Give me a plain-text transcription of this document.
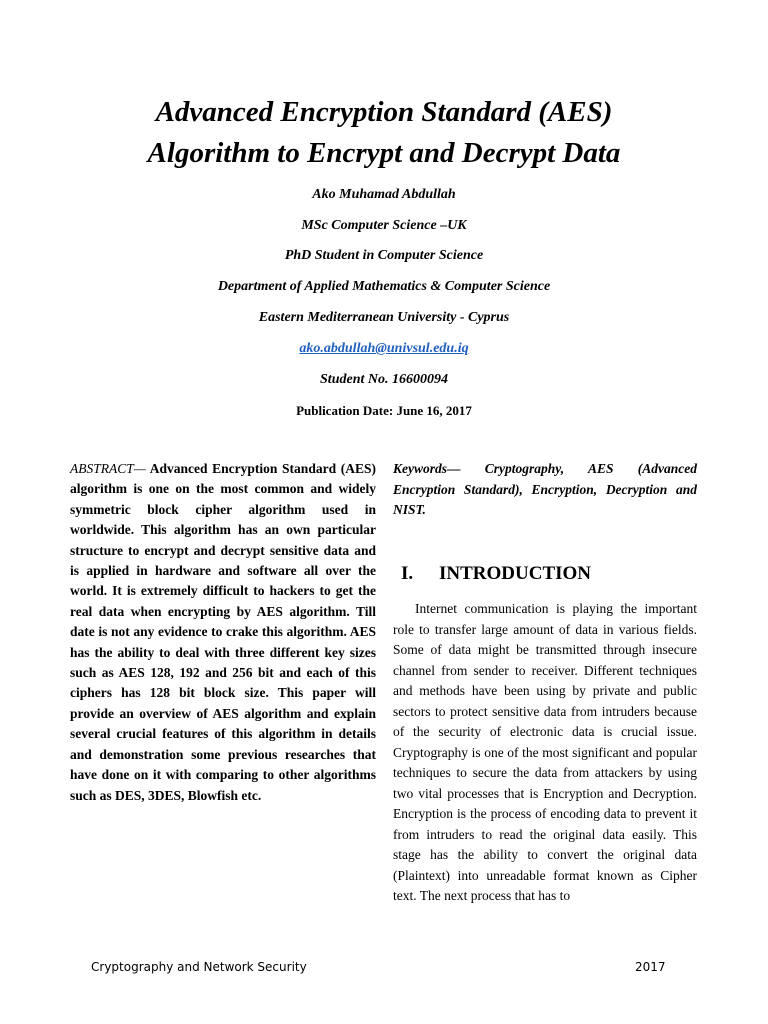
Advanced Encryption Standard (AES)
Algorithm to Encrypt and Decrypt Data

Ako Muhamad Abdullah

MSc Computer Science –UK

PhD Student in Computer Science

Department of Applied Mathematics & Computer Science

Eastern Mediterranean University - Cyprus

ako.abdullah@univsul.edu.iq

Student No. 16600094

Publication Date: June 16, 2017

ABSTRACT— Advanced Encryption Standard (AES) algorithm is one on the most common and widely symmetric block cipher algorithm used in worldwide. This algorithm has an own particular structure to encrypt and decrypt sensitive data and is applied in hardware and software all over the world. It is extremely difficult to hackers to get the real data when encrypting by AES algorithm. Till date is not any evidence to crake this algorithm. AES has the ability to deal with three different key sizes such as AES 128, 192 and 256 bit and each of this ciphers has 128 bit block size. This paper will provide an overview of AES algorithm and explain several crucial features of this algorithm in details and demonstration some previous researches that have done on it with comparing to other algorithms such as DES, 3DES, Blowfish etc.

Keywords— Cryptography, AES (Advanced Encryption Standard), Encryption, Decryption and NIST.

I. INTRODUCTION

Internet communication is playing the important role to transfer large amount of data in various fields. Some of data might be transmitted through insecure channel from sender to receiver. Different techniques and methods have been using by private and public sectors to protect sensitive data from intruders because of the security of electronic data is crucial issue. Cryptography is one of the most significant and popular techniques to secure the data from attackers by using two vital processes that is Encryption and Decryption. Encryption is the process of encoding data to prevent it from intruders to read the original data easily. This stage has the ability to convert the original data (Plaintext) into unreadable format known as Cipher text. The next process that has to

Cryptography and Network Security	2017
